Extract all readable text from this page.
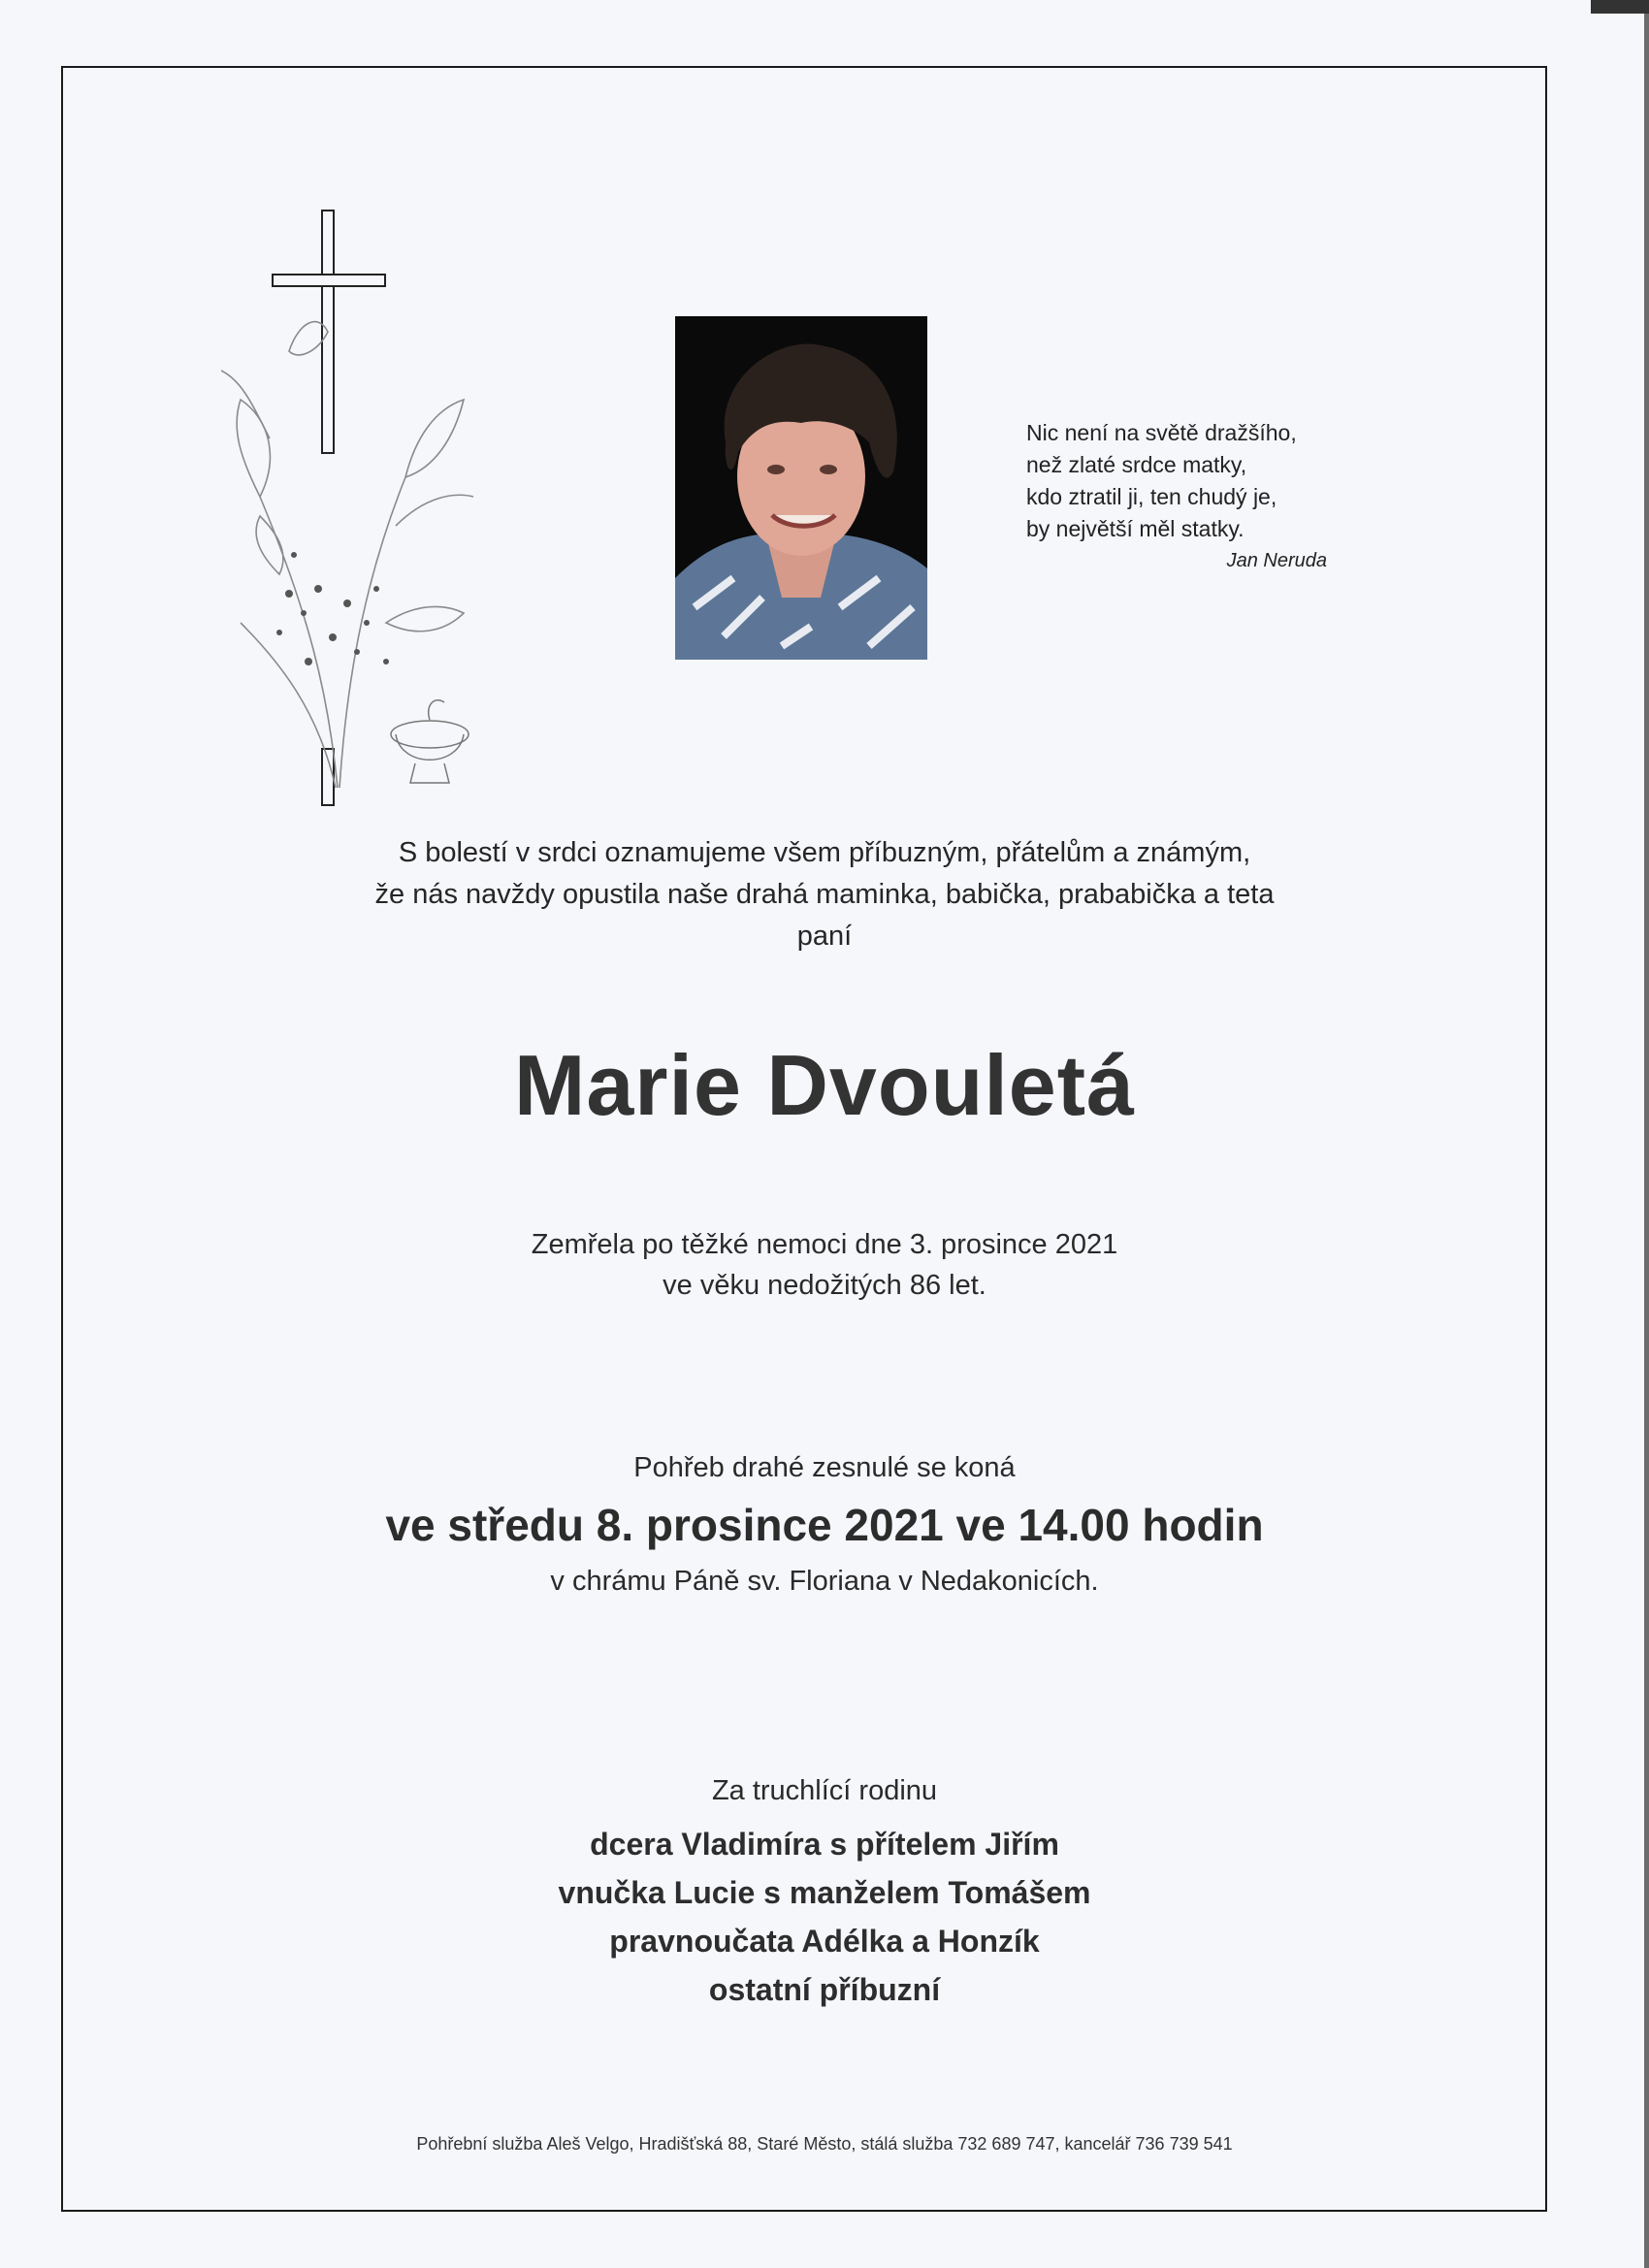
Nic není na světě dražšího,
než zlaté srdce matky,
kdo ztratil ji, ten chudý je,
by největší měl statky.
Jan Neruda
S bolestí v srdci oznamujeme všem příbuzným, přátelům a známým,
že nás navždy opustila naše drahá maminka, babička, prababička a teta
paní
Marie Dvouletá
Zemřela po těžké nemoci dne 3. prosince 2021
ve věku nedožitých 86 let.
Pohřeb drahé zesnulé se koná
ve středu 8. prosince 2021 ve 14.00 hodin
v chrámu Páně sv. Floriana v Nedakonicích.
Za truchlící rodinu
dcera Vladimíra s přítelem Jiřím
vnučka Lucie s manželem Tomášem
pravnoučata Adélka a Honzík
ostatní příbuzní
Pohřební služba Aleš Velgo, Hradišťská 88, Staré Město, stálá služba 732 689 747, kancelář 736 739 541
